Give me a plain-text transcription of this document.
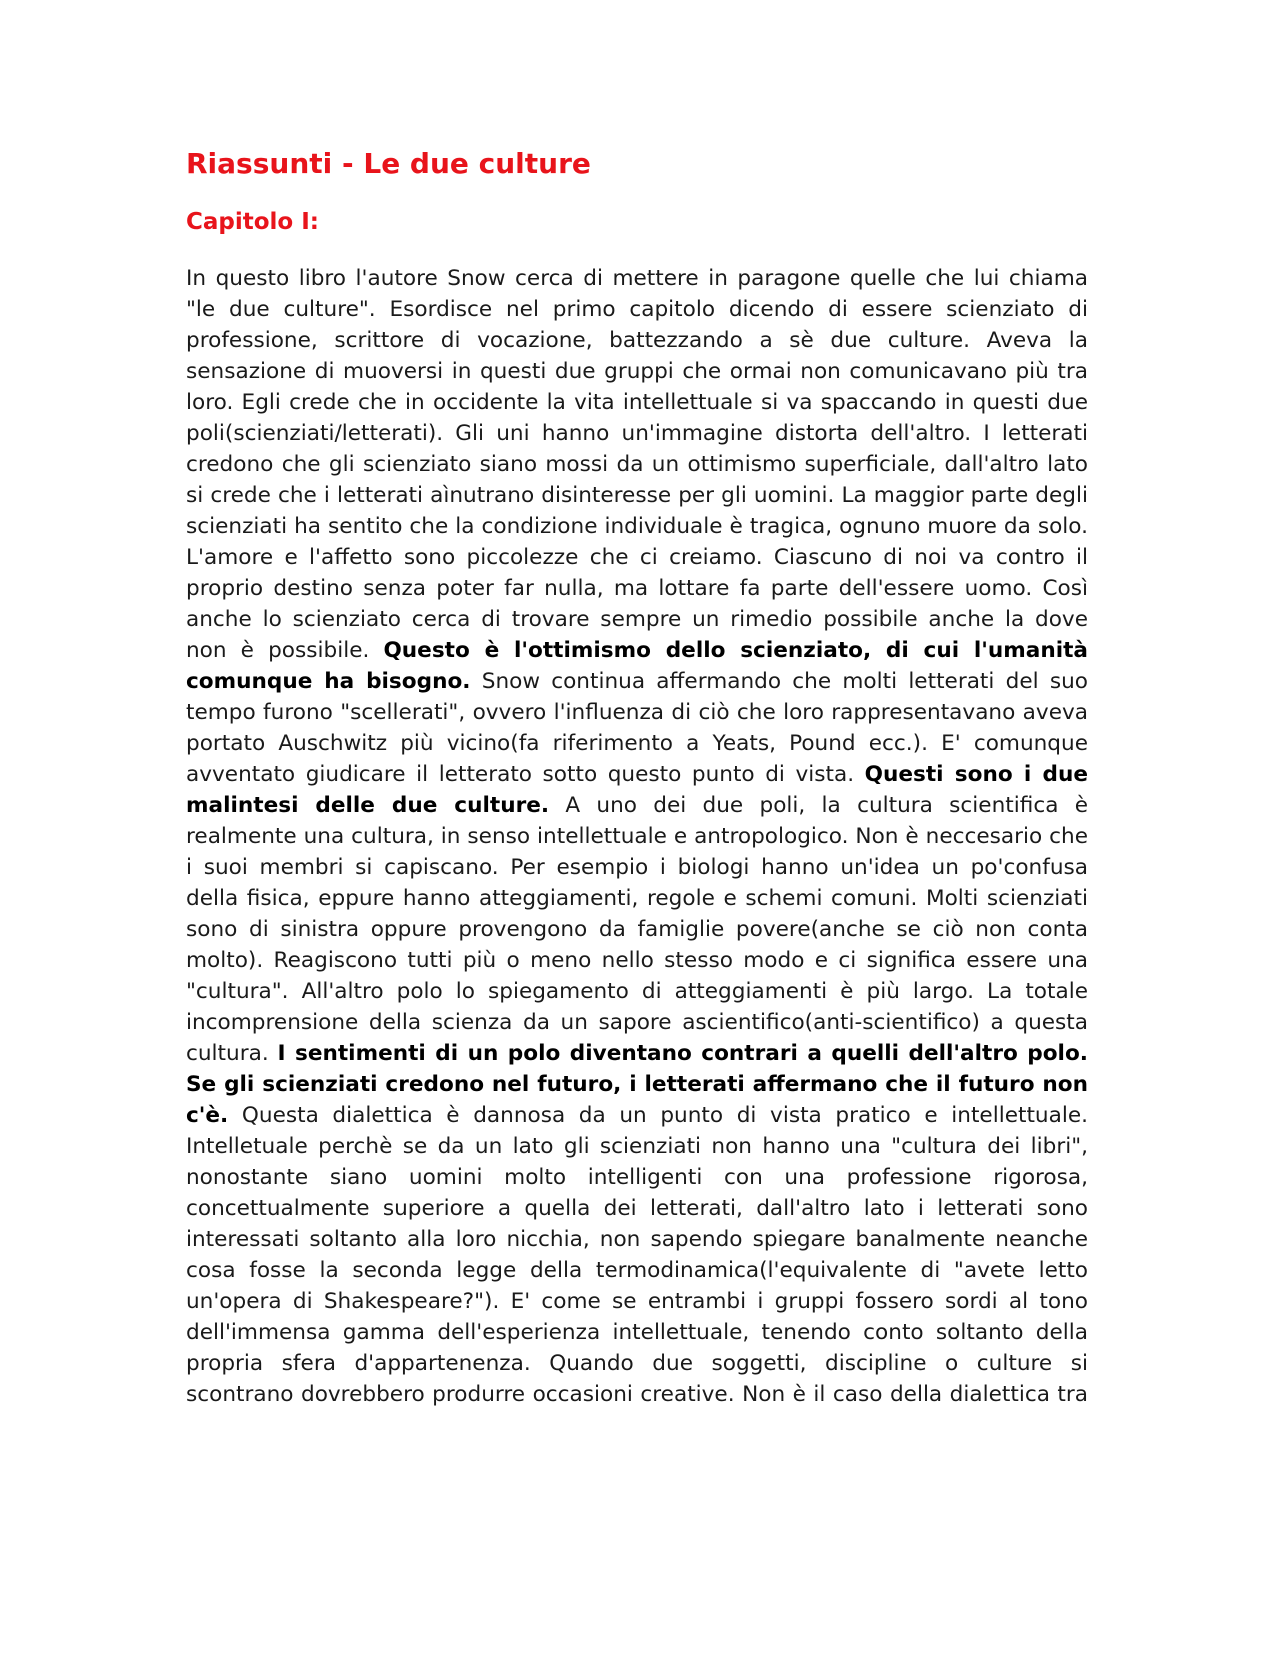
Riassunti - Le due culture
Capitolo I:

In questo libro l'autore Snow cerca di mettere in paragone quelle che lui chiama "le due culture". Esordisce nel primo capitolo dicendo di essere scienziato di professione, scrittore di vocazione, battezzando a sè due culture. Aveva la sensazione di muoversi in questi due gruppi che ormai non comunicavano più tra loro. Egli crede che in occidente la vita intellettuale si va spaccando in questi due poli(scienziati/letterati). Gli uni hanno un'immagine distorta dell'altro. I letterati credono che gli scienziato siano mossi da un ottimismo superficiale, dall'altro lato si crede che i letterati aìnutrano disinteresse per gli uomini. La maggior parte degli scienziati ha sentito che la condizione individuale è tragica, ognuno muore da solo. L'amore e l'affetto sono piccolezze che ci creiamo. Ciascuno di noi va contro il proprio destino senza poter far nulla, ma lottare fa parte dell'essere uomo. Così anche lo scienziato cerca di trovare sempre un rimedio possibile anche la dove non è possibile. Questo è l'ottimismo dello scienziato, di cui l'umanità comunque ha bisogno. Snow continua affermando che molti letterati del suo tempo furono "scellerati", ovvero l'influenza di ciò che loro rappresentavano aveva portato Auschwitz più vicino(fa riferimento a Yeats, Pound ecc.). E' comunque avventato giudicare il letterato sotto questo punto di vista. Questi sono i due malintesi delle due culture. A uno dei due poli, la cultura scientifica è realmente una cultura, in senso intellettuale e antropologico. Non è neccesario che i suoi membri si capiscano. Per esempio i biologi hanno un'idea un po'confusa della fisica, eppure hanno atteggiamenti, regole e schemi comuni. Molti scienziati sono di sinistra oppure provengono da famiglie povere(anche se ciò non conta molto). Reagiscono tutti più o meno nello stesso modo e ci significa essere una "cultura". All'altro polo lo spiegamento di atteggiamenti è più largo. La totale incomprensione della scienza da un sapore ascientifico(anti-scientifico) a questa cultura. I sentimenti di un polo diventano contrari a quelli dell'altro polo. Se gli scienziati credono nel futuro, i letterati affermano che il futuro non c'è. Questa dialettica è dannosa da un punto di vista pratico e intellettuale. Intelletuale perchè se da un lato gli scienziati non hanno una "cultura dei libri", nonostante siano uomini molto intelligenti con una professione rigorosa, concettualmente superiore a quella dei letterati, dall'altro lato i letterati sono interessati soltanto alla loro nicchia, non sapendo spiegare banalmente neanche cosa fosse la seconda legge della termodinamica(l'equivalente di "avete letto un'opera di Shakespeare?"). E' come se entrambi i gruppi fossero sordi al tono dell'immensa gamma dell'esperienza intellettuale, tenendo conto soltanto della propria sfera d'appartenenza. Quando due soggetti, discipline o culture si scontrano dovrebbero produrre occasioni creative. Non è il caso della dialettica tra
